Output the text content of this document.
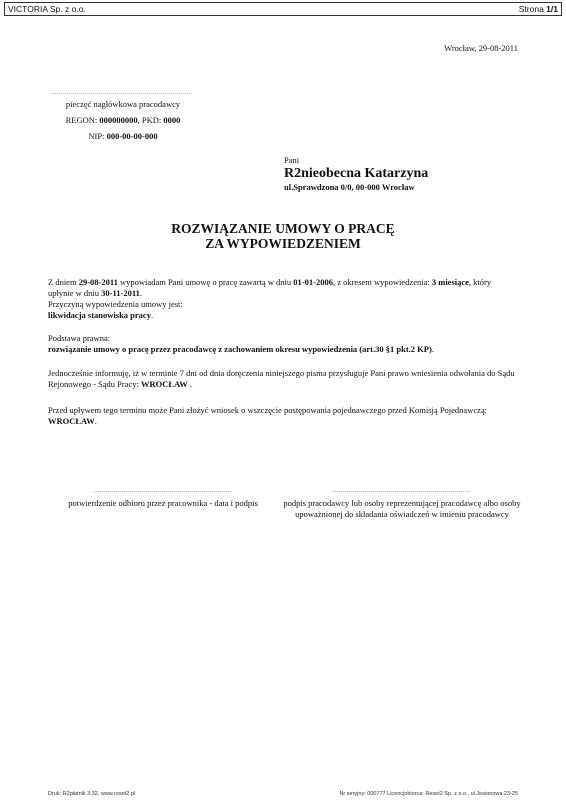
VICTORIA Sp. z o.o.	Strona 1/1
Wrocław, 29-08-2011
......................................................................
pieczęć nagłówkowa pracodawcy
REGON: 000000000, PKD: 0000
NIP: 000-00-00-000
Pani
R2nieobecna Katarzyna
ul.Sprawdzona 0/0, 00-000 Wrocław
ROZWIĄZANIE UMOWY O PRACĘ
ZA WYPOWIEDZENIEM

Z dniem 29-08-2011 wypowiadam Pani umowę o pracę zawartą w dniu 01-01-2006, z okresem wypowiedzenia: 3 miesiące, który

upłynie w dniu 30-11-2011.

Przyczyną wypowiedzenia umowy jest:

likwidacja stanowiska pracy.

Podstawa prawna:

rozwiązanie umowy o pracę przez pracodawcę z zachowaniem okresu wypowiedzenia (art.30 §1 pkt.2 KP).

Jednocześnie informuję, iż w terminie 7 dni od dnia doręczenia niniejszego pisma przysługuje Pani prawo wniesienia odwołania do Sądu

Rejonowego - Sądu Pracy: WROCŁAW .

Przed upływem tego terminu może Pani złożyć wniosek o wszczęcie postępowania pojednawczego przed Komisją Pojednawczą:

WROCŁAW.

.....................................................................
potwierdzenie odbioru przez pracownika - data i podpis
.....................................................................
podpis pracodawcy lub osoby reprezentującej pracodawcę albo osoby
upoważnionej do składania oświadczeń w imieniu pracodawcy
Druk: R2płatnik 3.32, www.reset2.pl	Nr seryjny: 000777 Licencjobiorca: Reset2 Sp. z o.o., ul.Jesionowa 23-25
